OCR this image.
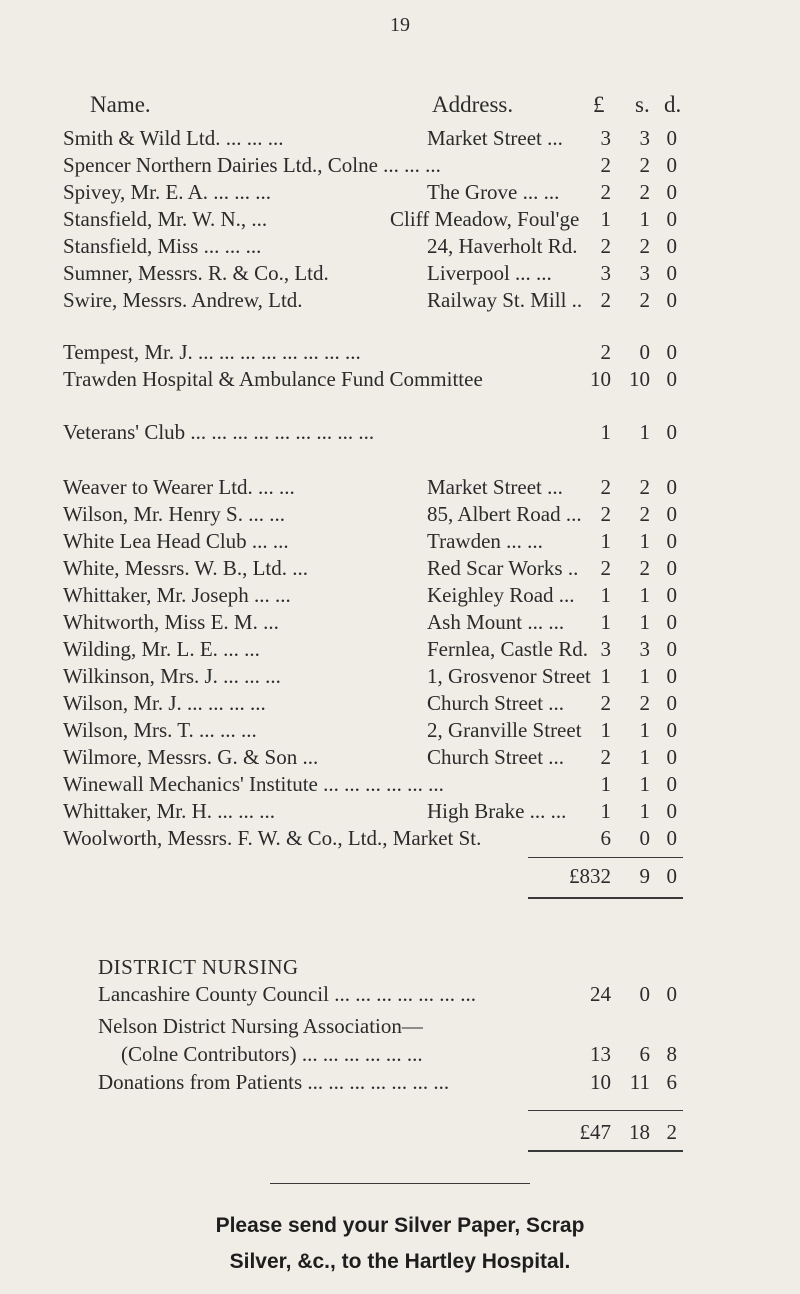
19
Name.	Address.	£ s. d.
Smith & Wild Ltd. ... ... ...	Market Street ... 3 3 0
Spencer Northern Dairies Ltd., Colne ... ... ...	2 2 0
Spivey, Mr. E. A. ... ... ...	The Grove ... ... 2 2 0
Stansfield, Mr. W. N., ...	Cliff Meadow, Foul'ge 1 1 0
Stansfield, Miss ... ... ...	24, Haverholt Rd. 2 2 0
Sumner, Messrs. R. & Co., Ltd.	Liverpool ... ... 3 3 0
Swire, Messrs. Andrew, Ltd.	Railway St. Mill .. 2 2 0
Tempest, Mr. J. ... ... ... ... ... ... ... ...	2 0 0
Trawden Hospital & Ambulance Fund Committee	10 10 0
Veterans' Club ... ... ... ... ... ... ... ... ...	1 1 0
Weaver to Wearer Ltd. ... ...	Market Street ... 2 2 0
Wilson, Mr. Henry S. ... ...	85, Albert Road ... 2 2 0
White Lea Head Club ... ...	Trawden ... ...	1 1 0
White, Messrs. W. B., Ltd. ...	Red Scar Works .. 2 2 0
Whittaker, Mr. Joseph ... ...	Keighley Road ... 1 1 0
Whitworth, Miss E. M. ...	Ash Mount ... ... 1 1 0
Wilding, Mr. L. E. ... ...	Fernlea, Castle Rd. 3 3 0
Wilkinson, Mrs. J. ... ... ...	1, Grosvenor Street 1 1 0
Wilson, Mr. J. ... ... ... ...	Church Street ... 2 2 0
Wilson, Mrs. T. ... ... ...	2, Granville Street 1 1 0
Wilmore, Messrs. G. & Son ...	Church Street ... 2 1 0
Winewall Mechanics' Institute ... ... ... ... ... ...	1 1 0
Whittaker, Mr. H. ... ... ...	High Brake ... ... 1 1 0
Woolworth, Messrs. F. W. & Co., Ltd., Market St.	6 0 0
£832 9 0
DISTRICT NURSING
Lancashire County Council ... ... ... ... ... ... ...	24 0 0
Nelson District Nursing Association—
(Colne Contributors) ... ... ... ... ... ...	13 6 8
Donations from Patients ... ... ... ... ... ... ...	10 11 6
£47 18 2
Please send your Silver Paper, Scrap
Silver, &c., to the Hartley Hospital.
